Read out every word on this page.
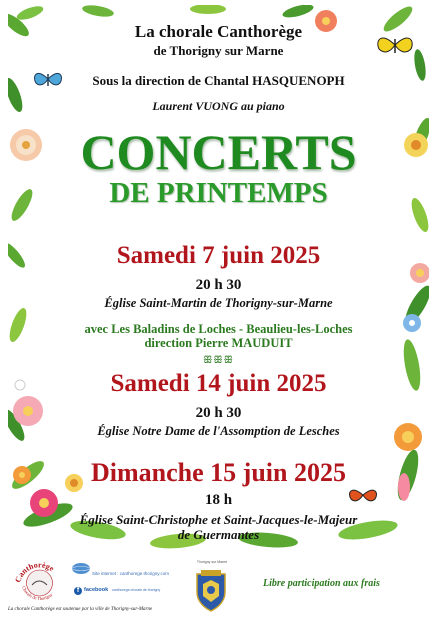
La chorale Canthorège
de Thorigny sur Marne
Sous la direction de Chantal HASQUENOPH
Laurent VUONG au piano
CONCERTS
DE PRINTEMPS
Samedi 7 juin 2025
20 h 30
Église Saint-Martin de Thorigny-sur-Marne
avec Les Baladins de Loches - Beaulieu-les-Loches
direction Pierre MAUDUIT
ꕥꕥꕥ
Samedi 14 juin 2025
20 h 30
Église Notre Dame de l'Assomption de Lesches
Dimanche 15 juin 2025
18 h
Église Saint-Christophe et Saint-Jacques-le-Majeur
de Guermantes
Canthorège
Chorale de Thorigny
Site internet : canthorege.thorigny.com
f facebook canthorege.chorale.de.thorigny
Thorigny sur Marne
Libre participation aux frais
La chorale Canthorège est soutenue par la ville de Thorigny-sur-Marne
